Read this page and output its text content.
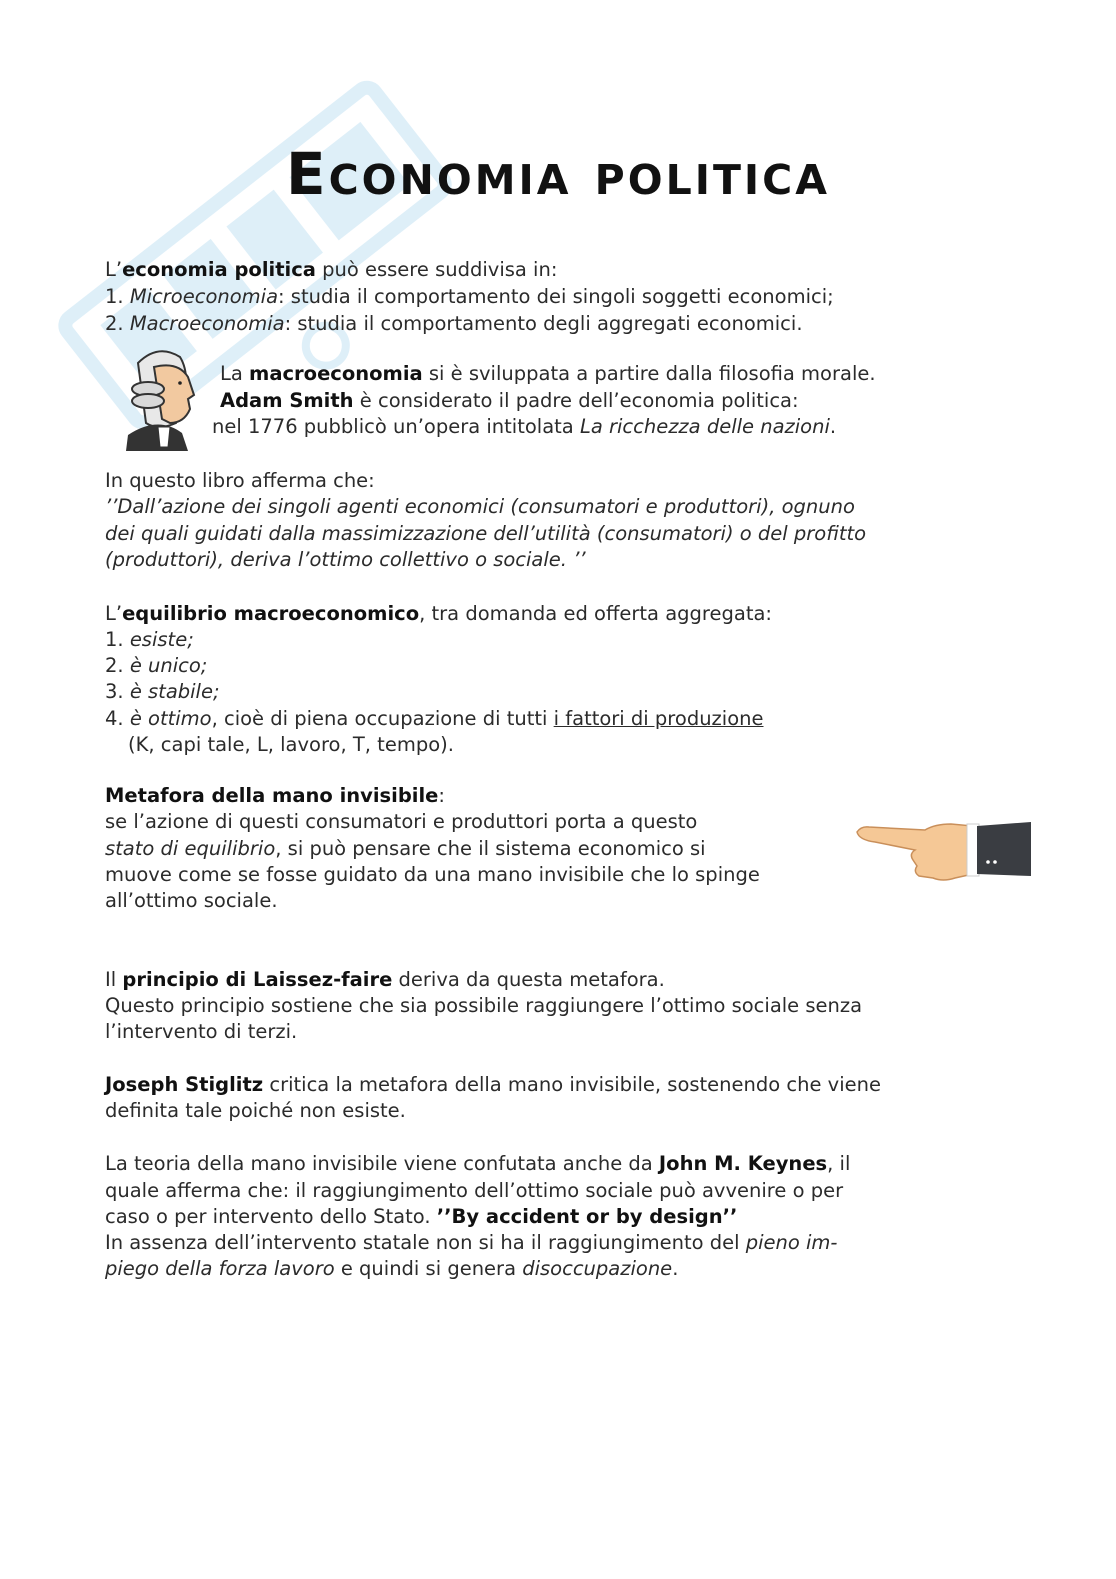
Economia politica
L’economia politica può essere suddivisa in:
1. Microeconomia: studia il comportamento dei singoli soggetti economici;
2. Macroeconomia: studia il comportamento degli aggregati economici.
La macroeconomia si è sviluppata a partire dalla filosofia morale.
Adam Smith è considerato il padre dell’economia politica:
nel 1776 pubblicò un’opera intitolata La ricchezza delle nazioni.
In questo libro afferma che:
’’Dall’azione dei singoli agenti economici (consumatori e produttori), ognuno
dei quali guidati dalla massimizzazione dell’utilità (consumatori) o del profitto
(produttori), deriva l’ottimo collettivo o sociale. ’’
L’equilibrio macroeconomico, tra domanda ed offerta aggregata:
1. esiste;
2. è unico;
3. è stabile;
4. è ottimo, cioè di piena occupazione di tutti i fattori di produzione
(K, capi tale, L, lavoro, T, tempo).
Metafora della mano invisibile:
se l’azione di questi consumatori e produttori porta a questo
stato di equilibrio, si può pensare che il sistema economico si
muove come se fosse guidato da una mano invisibile che lo spinge
all’ottimo sociale.
Il principio di Laissez-faire deriva da questa metafora.
Questo principio sostiene che sia possibile raggiungere l’ottimo sociale senza
l’intervento di terzi.
Joseph Stiglitz critica la metafora della mano invisibile, sostenendo che viene
definita tale poiché non esiste.
La teoria della mano invisibile viene confutata anche da John M. Keynes, il
quale afferma che: il raggiungimento dell’ottimo sociale può avvenire o per
caso o per intervento dello Stato. ’’By accident or by design’’
In assenza dell’intervento statale non si ha il raggiungimento del pieno im-
piego della forza lavoro e quindi si genera disoccupazione.
